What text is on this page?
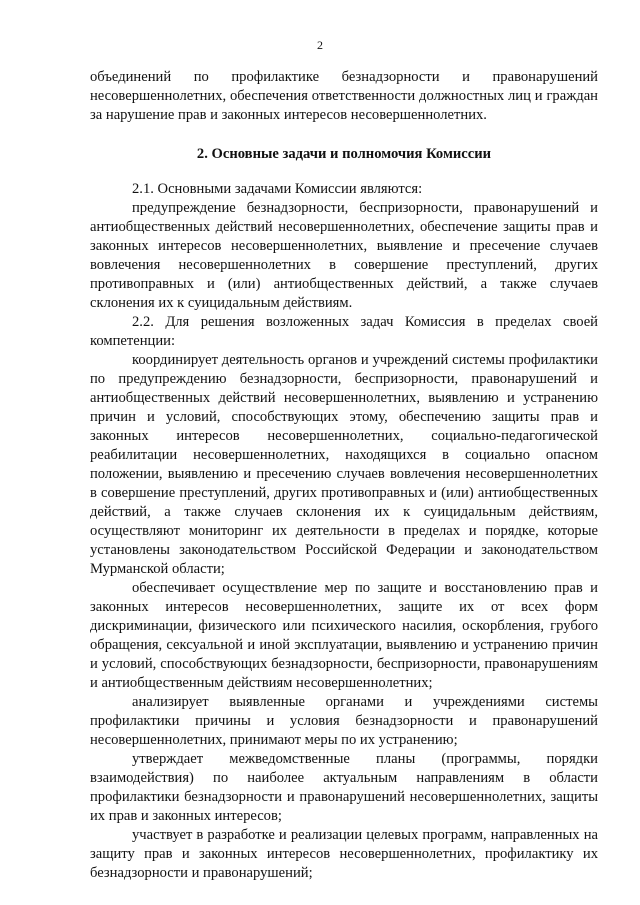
2

объединений по профилактике безнадзорности и правонарушений несовершеннолетних, обеспечения ответственности должностных лиц и граждан за нарушение прав и законных интересов несовершеннолетних.

2. Основные задачи и полномочия Комиссии

2.1. Основными задачами Комиссии являются:

предупреждение безнадзорности, беспризорности, правонарушений и антиобщественных действий несовершеннолетних, обеспечение защиты прав и законных интересов несовершеннолетних, выявление и пресечение случаев вовлечения несовершеннолетних в совершение преступлений, других противоправных и (или) антиобщественных действий, а также случаев склонения их к суицидальным действиям.

2.2. Для решения возложенных задач Комиссия в пределах своей компетенции:

координирует деятельность органов и учреждений системы профилактики по предупреждению безнадзорности, беспризорности, правонарушений и антиобщественных действий несовершеннолетних, выявлению и устранению причин и условий, способствующих этому, обеспечению защиты прав и законных интересов несовершеннолетних, социально-педагогической реабилитации несовершеннолетних, находящихся в социально опасном положении, выявлению и пресечению случаев вовлечения несовершеннолетних в совершение преступлений, других противоправных и (или) антиобщественных действий, а также случаев склонения их к суицидальным действиям, осуществляют мониторинг их деятельности в пределах и порядке, которые установлены законодательством Российской Федерации и законодательством Мурманской области;

обеспечивает осуществление мер по защите и восстановлению прав и законных интересов несовершеннолетних, защите их от всех форм дискриминации, физического или психического насилия, оскорбления, грубого обращения, сексуальной и иной эксплуатации, выявлению и устранению причин и условий, способствующих безнадзорности, беспризорности, правонарушениям и антиобщественным действиям несовершеннолетних;

анализирует выявленные органами и учреждениями системы профилактики причины и условия безнадзорности и правонарушений несовершеннолетних, принимают меры по их устранению;

утверждает межведомственные планы (программы, порядки взаимодействия) по наиболее актуальным направлениям в области профилактики безнадзорности и правонарушений несовершеннолетних, защиты их прав и законных интересов;

участвует в разработке и реализации целевых программ, направленных на защиту прав и законных интересов несовершеннолетних, профилактику их безнадзорности и правонарушений;
